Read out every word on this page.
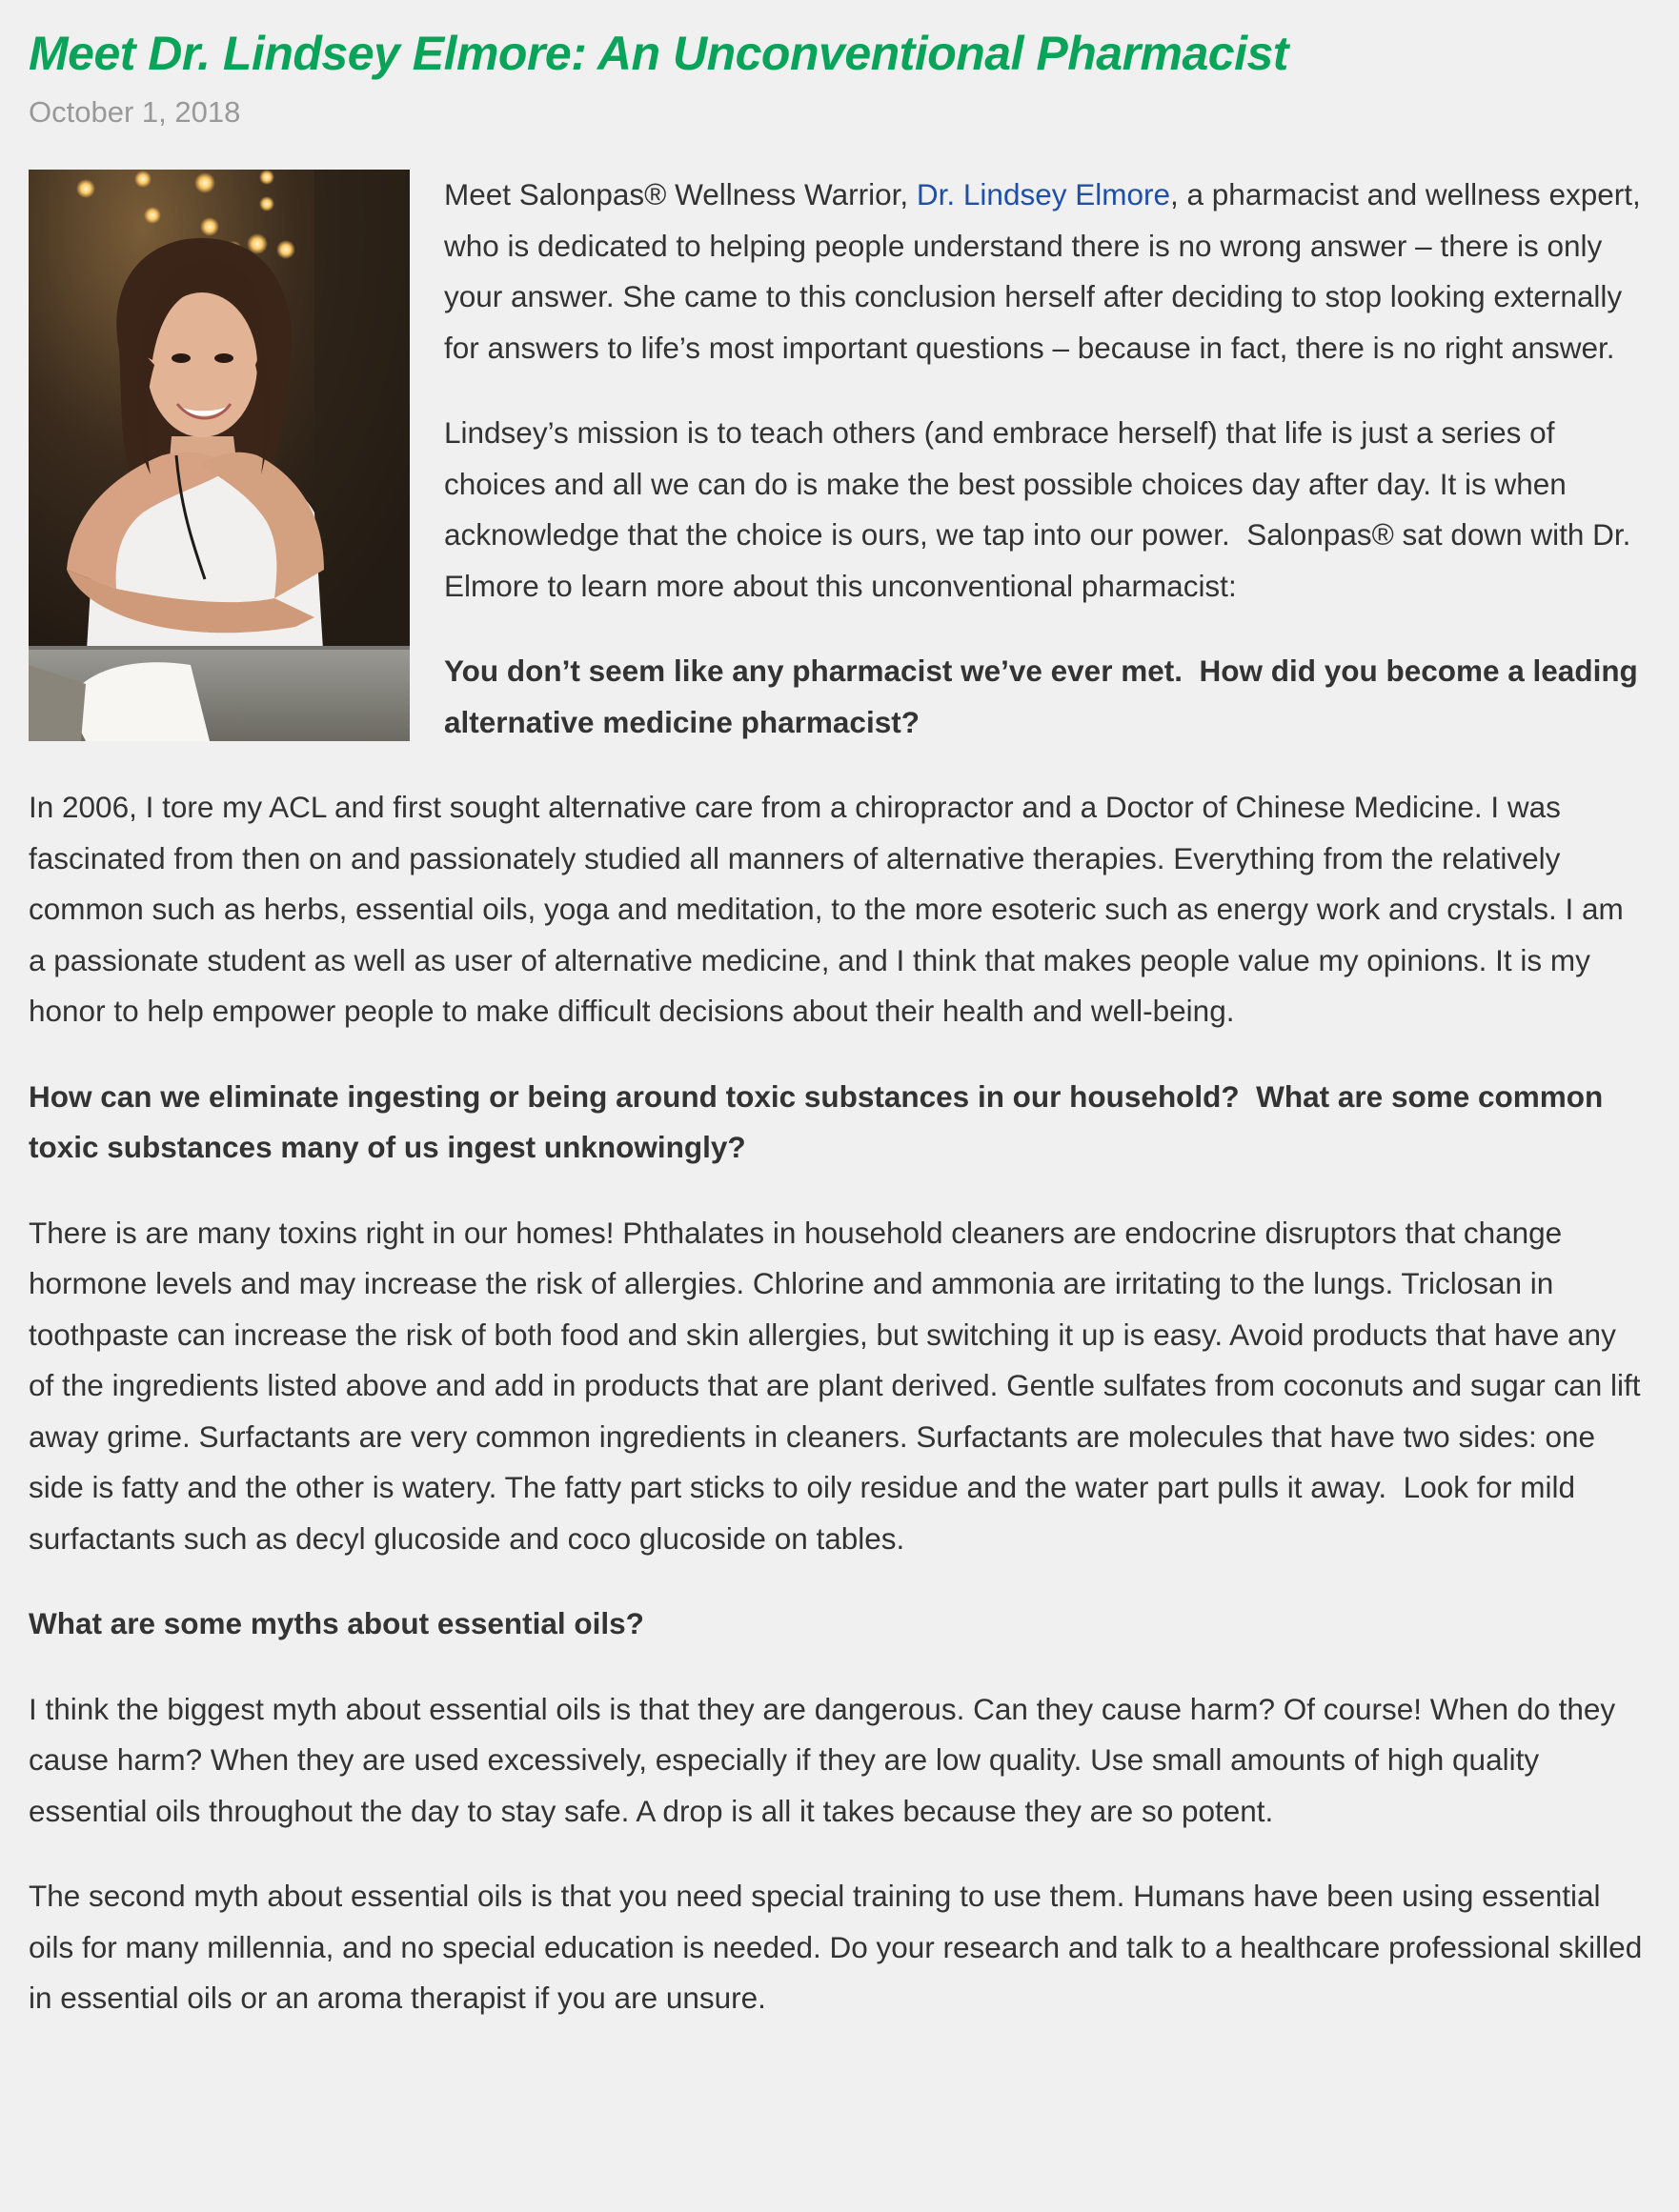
Meet Dr. Lindsey Elmore: An Unconventional Pharmacist
October 1, 2018

Meet Salonpas® Wellness Warrior, Dr. Lindsey Elmore, a pharmacist and wellness expert, who is dedicated to helping people understand there is no wrong answer – there is only your answer. She came to this conclusion herself after deciding to stop looking externally for answers to life’s most important questions – because in fact, there is no right answer.

Lindsey’s mission is to teach others (and embrace herself) that life is just a series of choices and all we can do is make the best possible choices day after day. It is when acknowledge that the choice is ours, we tap into our power.  Salonpas® sat down with Dr. Elmore to learn more about this unconventional pharmacist:

You don’t seem like any pharmacist we’ve ever met.  How did you become a leading alternative medicine pharmacist?

In 2006, I tore my ACL and first sought alternative care from a chiropractor and a Doctor of Chinese Medicine. I was fascinated from then on and passionately studied all manners of alternative therapies. Everything from the relatively common such as herbs, essential oils, yoga and meditation, to the more esoteric such as energy work and crystals. I am a passionate student as well as user of alternative medicine, and I think that makes people value my opinions. It is my honor to help empower people to make difficult decisions about their health and well-being.

How can we eliminate ingesting or being around toxic substances in our household?  What are some common toxic substances many of us ingest unknowingly?

There is are many toxins right in our homes! Phthalates in household cleaners are endocrine disruptors that change hormone levels and may increase the risk of allergies. Chlorine and ammonia are irritating to the lungs. Triclosan in toothpaste can increase the risk of both food and skin allergies, but switching it up is easy. Avoid products that have any of the ingredients listed above and add in products that are plant derived. Gentle sulfates from coconuts and sugar can lift away grime. Surfactants are very common ingredients in cleaners. Surfactants are molecules that have two sides: one side is fatty and the other is watery. The fatty part sticks to oily residue and the water part pulls it away.  Look for mild surfactants such as decyl glucoside and coco glucoside on tables.

What are some myths about essential oils?

I think the biggest myth about essential oils is that they are dangerous. Can they cause harm? Of course! When do they cause harm? When they are used excessively, especially if they are low quality. Use small amounts of high quality essential oils throughout the day to stay safe. A drop is all it takes because they are so potent.

The second myth about essential oils is that you need special training to use them. Humans have been using essential oils for many millennia, and no special education is needed. Do your research and talk to a healthcare professional skilled in essential oils or an aroma therapist if you are unsure.
